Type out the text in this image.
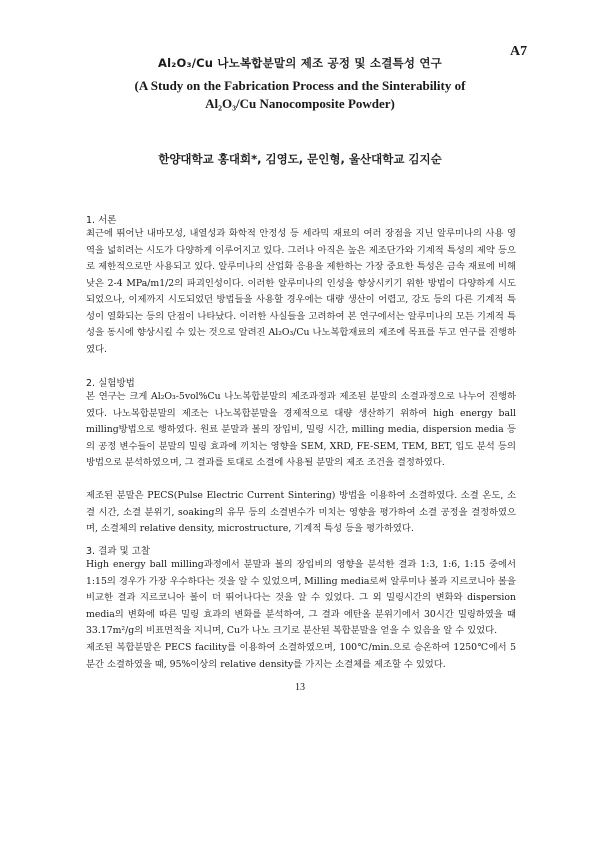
A7
Al₂O₃/Cu 나노복합분말의 제조 공정 및 소결특성 연구
(A Study on the Fabrication Process and the Sinterability of
Al₂O₃/Cu Nanocomposite Powder)
한양대학교 홍대희*, 김영도, 문인형, 울산대학교 김지순
1. 서론

최근에 뛰어난 내마모성, 내열성과 화학적 안정성 등 세라믹 재료의 여러 장점을 지닌 알루미나의 사용 영역을 넓히려는 시도가 다양하게 이루어지고 있다. 그러나 아직은 높은 제조단가와 기계적 특성의 제약 등으로 제한적으로만 사용되고 있다. 알루미나의 산업화 응용을 제한하는 가장 중요한 특성은 금속 재료에 비해 낮은 2-4 MPa/m1/2의 파괴인성이다. 이러한 알루미나의 인성을 향상시키기 위한 방법이 다양하게 시도되었으나, 이제까지 시도되었던 방법들을 사용할 경우에는 대량 생산이 어렵고, 강도 등의 다른 기계적 특성이 열화되는 등의 단점이 나타났다. 이러한 사실들을 고려하여 본 연구에서는 알루미나의 모든 기계적 특성을 동시에 향상시킬 수 있는 것으로 알려진 Al₂O₃/Cu 나노복합재료의 제조에 목표를 두고 연구를 진행하였다.

2. 실험방법

본 연구는 크게 Al₂O₃-5vol%Cu 나노복합분말의 제조과정과 제조된 분말의 소결과정으로 나누어 진행하였다. 나노복합분말의 제조는 나노복합분말을 경제적으로 대량 생산하기 위하여 high energy ball milling방법으로 행하였다. 원료 분말과 볼의 장입비, 밀링 시간, milling media, dispersion media 등의 공정 변수들이 분말의 밀링 효과에 끼치는 영향을 SEM, XRD, FE-SEM, TEM, BET, 입도 분석 등의 방법으로 분석하였으며, 그 결과를 토대로 소결에 사용될 분말의 제조 조건을 결정하였다.

제조된 분말은 PECS(Pulse Electric Current Sintering) 방법을 이용하여 소결하였다. 소결 온도, 소결 시간, 소결 분위기, soaking의 유무 등의 소결변수가 미치는 영향을 평가하여 소결 공정을 결정하였으며, 소결체의 relative density, microstructure, 기계적 특성 등을 평가하였다.

3. 결과 및 고찰

High energy ball milling과정에서 분말과 볼의 장입비의 영향을 분석한 결과 1:3, 1:6, 1:15 중에서 1:15의 경우가 가장 우수하다는 것을 알 수 있었으며, Milling media로써 알루미나 볼과 지르코니아 볼을 비교한 결과 지르코니아 볼이 더 뛰어나다는 것을 알 수 있었다. 그 외 밀링시간의 변화와 dispersion media의 변화에 따른 밀링 효과의 변화를 분석하여, 그 결과 에탄올 분위기에서 30시간 밀링하였을 때 33.17m²/g의 비표면적을 지니며, Cu가 나노 크기로 분산된 복합분말을 얻을 수 있음을 알 수 있었다.

제조된 복합분말은 PECS facility를 이용하여 소결하였으며, 100℃/min.으로 승온하여 1250℃에서 5분간 소결하였을 때, 95%이상의 relative density를 가지는 소결체를 제조할 수 있었다.

13
